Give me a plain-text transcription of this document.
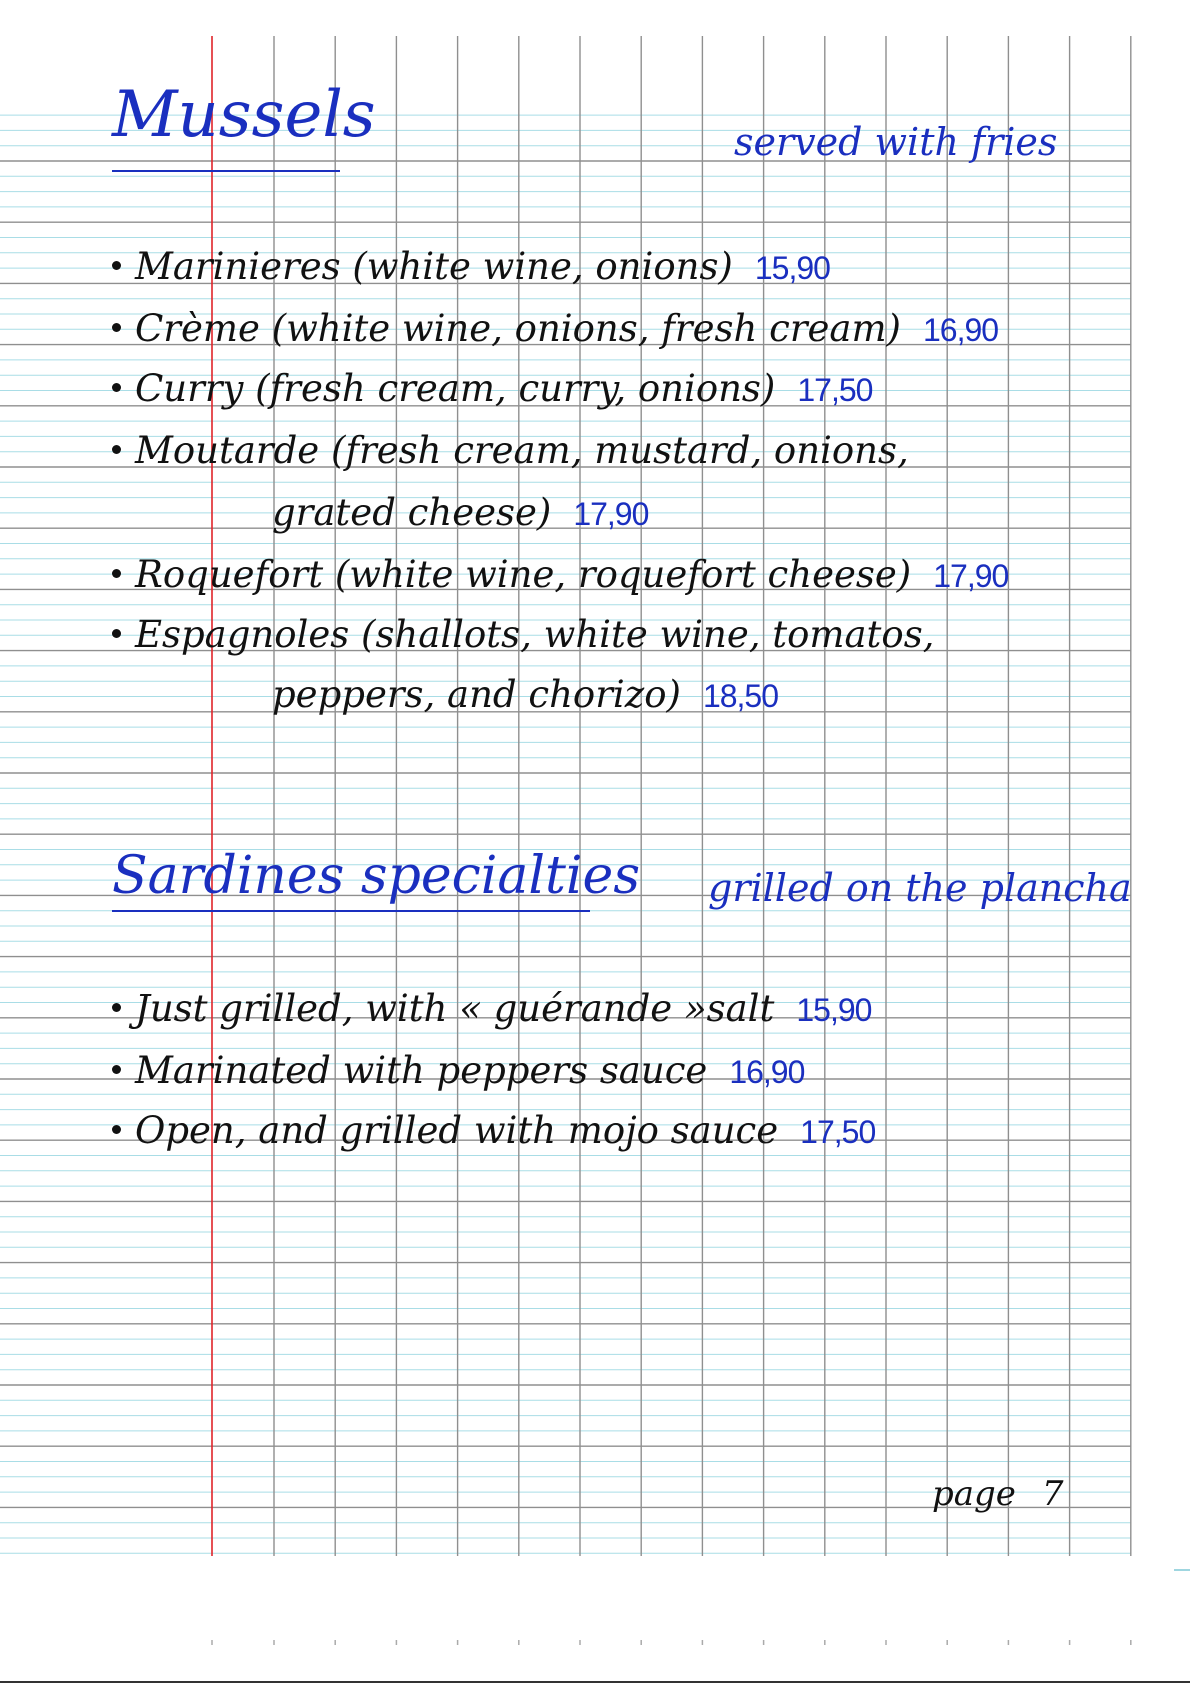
Mussels	served with fries
Marinieres (white wine, onions) 15,90
Crème (white wine, onions, fresh cream) 16,90
Curry (fresh cream, curry, onions) 17,50
Moutarde (fresh cream, mustard, onions,
grated cheese) 17,90
Roquefort (white wine, roquefort cheese) 17,90
Espagnoles (shallots, white wine, tomatos,
peppers, and chorizo) 18,50
Sardines specialties grilled on the plancha
Just grilled, with « guérande »salt 15,90
Marinated with peppers sauce 16,90
Open, and grilled with mojo sauce 17,50
page 7
